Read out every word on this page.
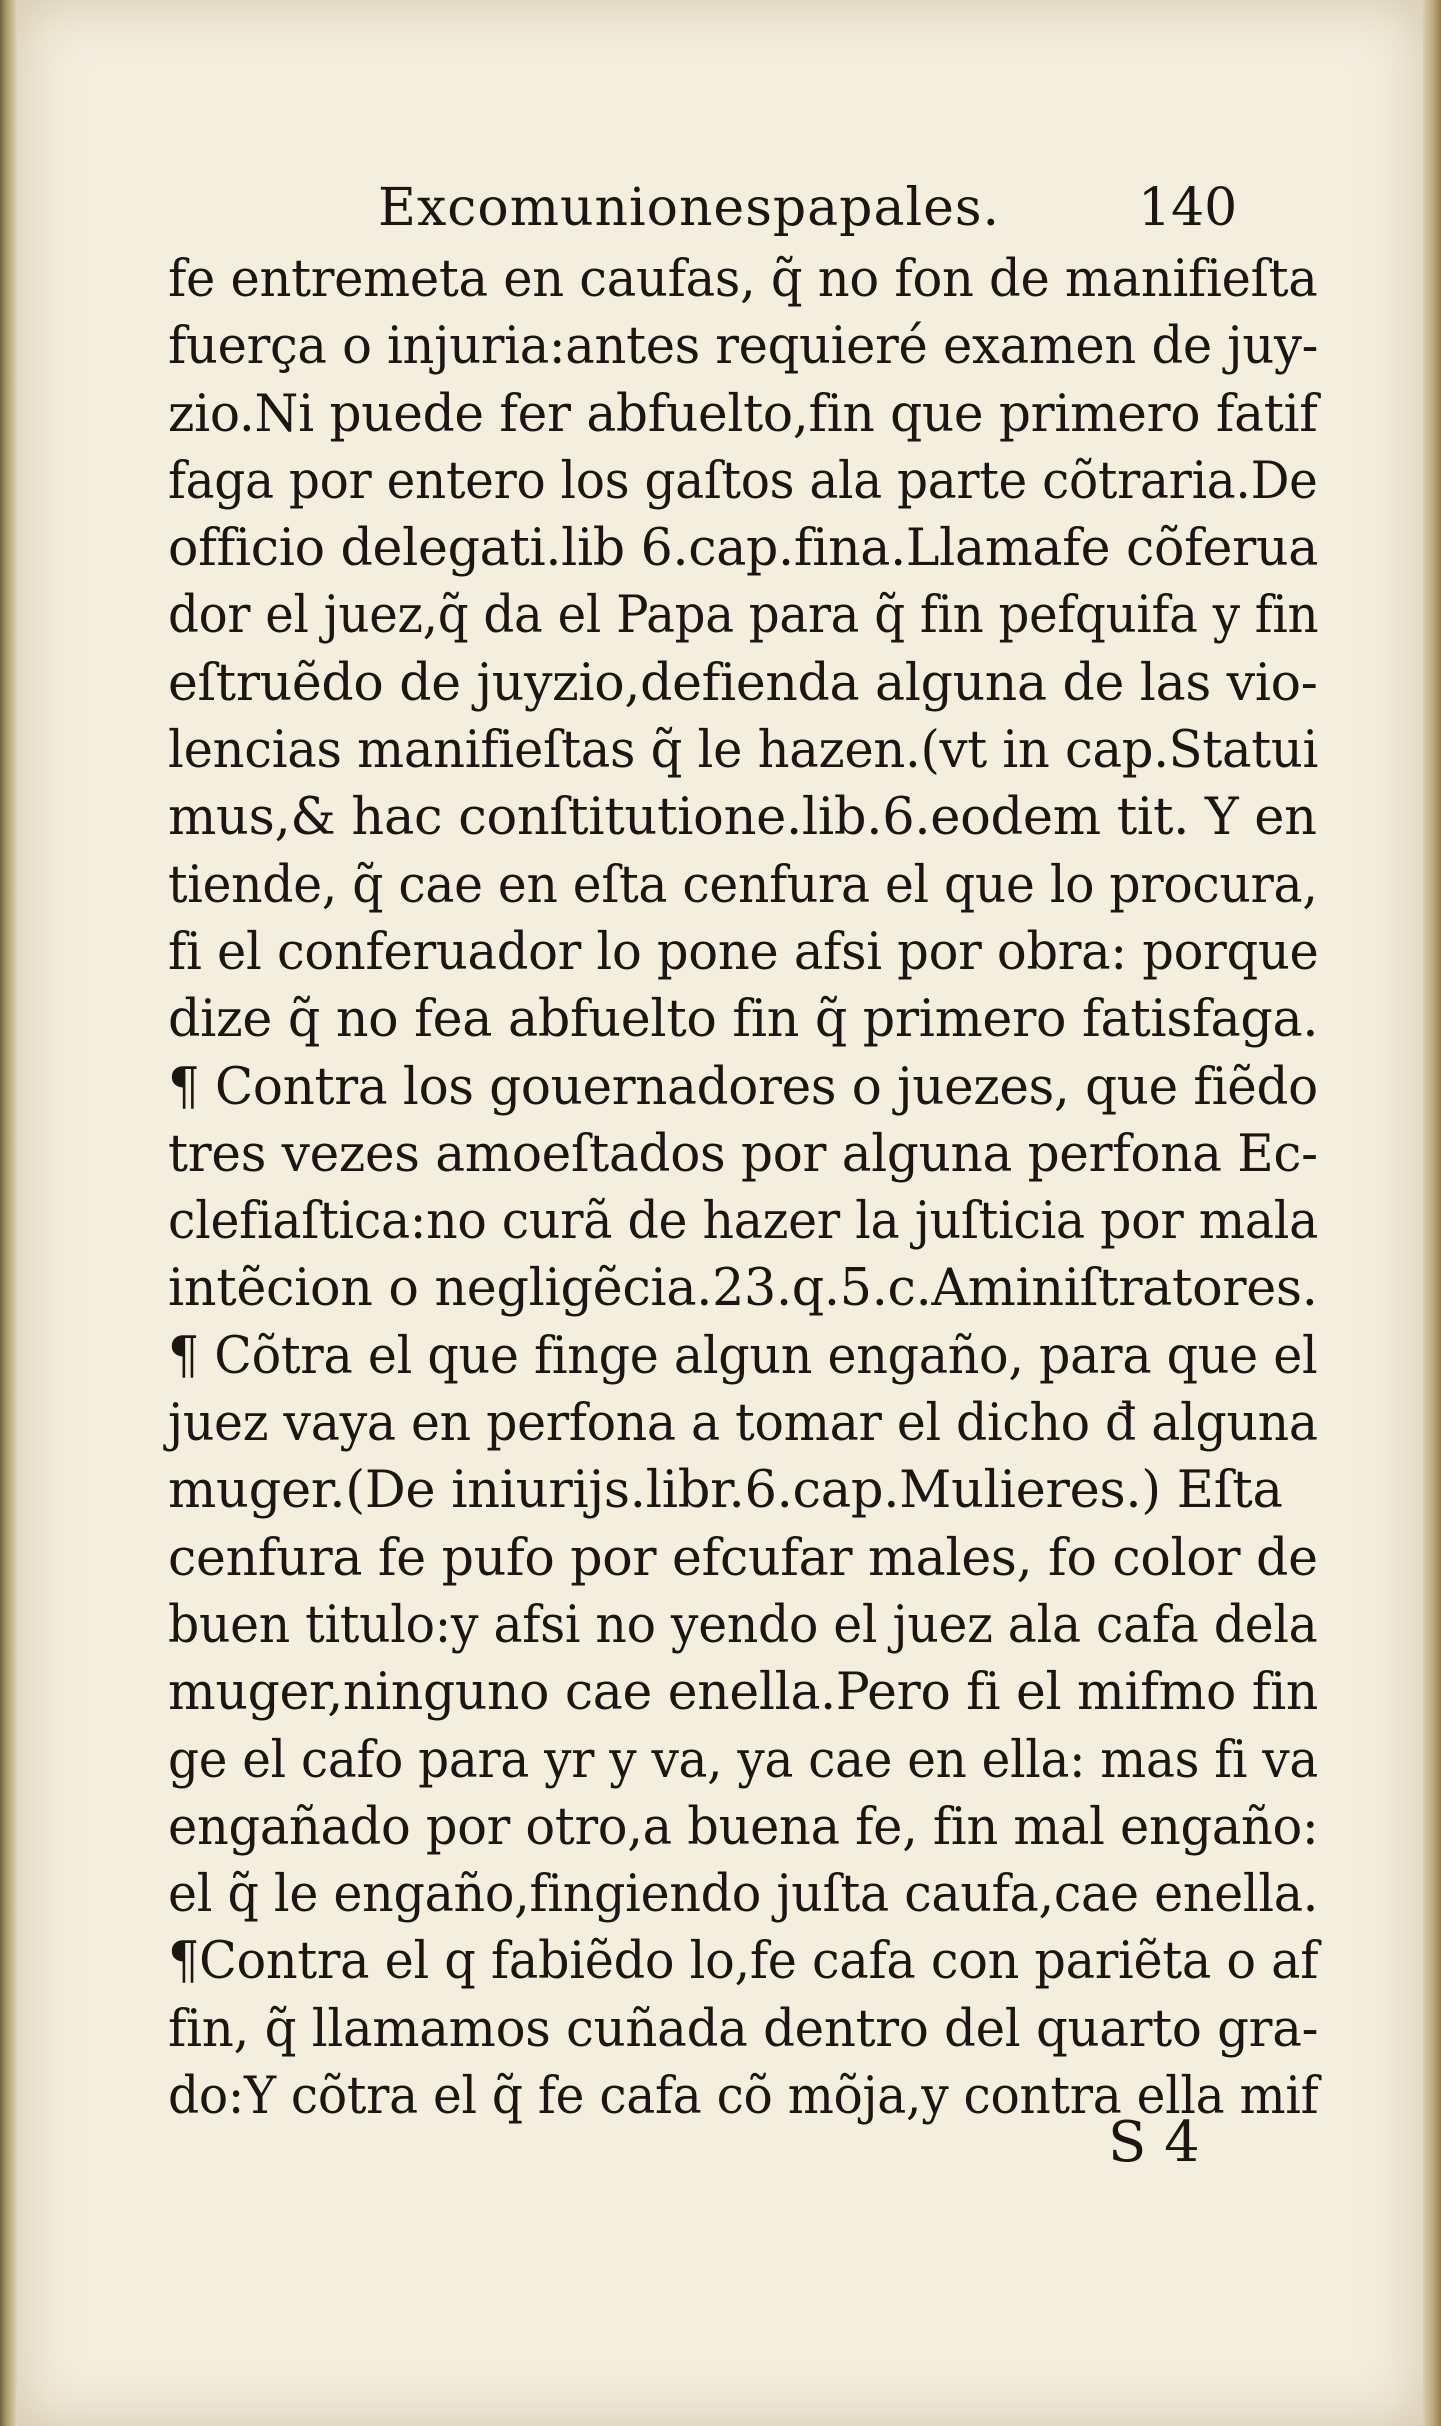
Excomunionespapales.	140
fe entremeta en caufas, q̃ no fon de manifieſta
fuerça o injuria:antes requieré examen de juy-
zio.Ni puede fer abfuelto,fin que primero fatif
faga por entero los gaſtos ala parte cõtraria.De
officio delegati.lib 6.cap.fina.Llamafe cõferua
dor el juez,q̃ da el Papa para q̃ fin pefquifa y fin
eſtruẽdo de juyzio,defienda alguna de las vio-
lencias manifieſtas q̃ le hazen.(vt in cap.Statui
mus,& hac conſtitutione.lib.6.eodem tit. Y en
tiende, q̃ cae en eſta cenfura el que lo procura,
fi el conferuador lo pone afsi por obra: porque
dize q̃ no fea abfuelto fin q̃ primero fatisfaga.
¶ Contra los gouernadores o juezes, que fiẽdo
tres vezes amoeſtados por alguna perfona Ec-
clefiaſtica:no curã de hazer la juſticia por mala
intẽcion o negligẽcia.23.q.5.c.Aminiſtratores.
¶ Cõtra el que finge algun engaño, para que el
juez vaya en perfona a tomar el dicho đ alguna
muger.(De iniurijs.libr.6.cap.Mulieres.) Eſta
cenfura fe pufo por efcufar males, fo color de
buen titulo:y afsi no yendo el juez ala cafa dela
muger,ninguno cae enella.Pero fi el mifmo fin
ge el cafo para yr y va, ya cae en ella: mas fi va
engañado por otro,a buena fe, fin mal engaño:
el q̃ le engaño,fingiendo juſta caufa,cae enella.
¶Contra el q fabiẽdo lo,fe cafa con pariẽta o af
fin, q̃ llamamos cuñada dentro del quarto gra-
do:Y cõtra el q̃ fe cafa cõ mõja,y contra ella mif
S 4
